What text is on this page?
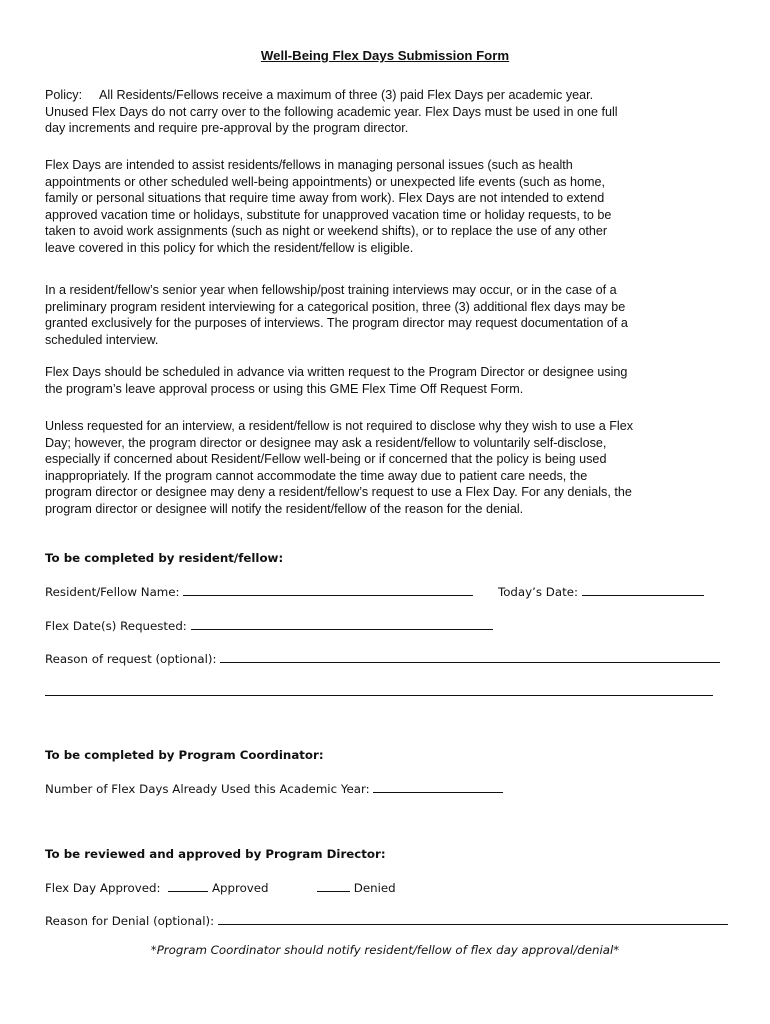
Well-Being Flex Days Submission Form

Policy: All Residents/Fellows receive a maximum of three (3) paid Flex Days per academic year.
Unused Flex Days do not carry over to the following academic year. Flex Days must be used in one full
day increments and require pre-approval by the program director.

Flex Days are intended to assist residents/fellows in managing personal issues (such as health
appointments or other scheduled well-being appointments) or unexpected life events (such as home,
family or personal situations that require time away from work). Flex Days are not intended to extend
approved vacation time or holidays, substitute for unapproved vacation time or holiday requests, to be
taken to avoid work assignments (such as night or weekend shifts), or to replace the use of any other
leave covered in this policy for which the resident/fellow is eligible.

In a resident/fellow’s senior year when fellowship/post training interviews may occur, or in the case of a
preliminary program resident interviewing for a categorical position, three (3) additional flex days may be
granted exclusively for the purposes of interviews. The program director may request documentation of a
scheduled interview.

Flex Days should be scheduled in advance via written request to the Program Director or designee using
the program’s leave approval process or using this GME Flex Time Off Request Form.

Unless requested for an interview, a resident/fellow is not required to disclose why they wish to use a Flex
Day; however, the program director or designee may ask a resident/fellow to voluntarily self-disclose,
especially if concerned about Resident/Fellow well-being or if concerned that the policy is being used
inappropriately. If the program cannot accommodate the time away due to patient care needs, the
program director or designee may deny a resident/fellow’s request to use a Flex Day. For any denials, the
program director or designee will notify the resident/fellow of the reason for the denial.

To be completed by resident/fellow:
Resident/Fellow Name:	Today’s Date:
Flex Date(s) Requested:
Reason of request (optional):
To be completed by Program Coordinator:
Number of Flex Days Already Used this Academic Year:
To be reviewed and approved by Program Director:
Flex Day Approved:	Approved	Denied
Reason for Denial (optional):
*Program Coordinator should notify resident/fellow of flex day approval/denial*
